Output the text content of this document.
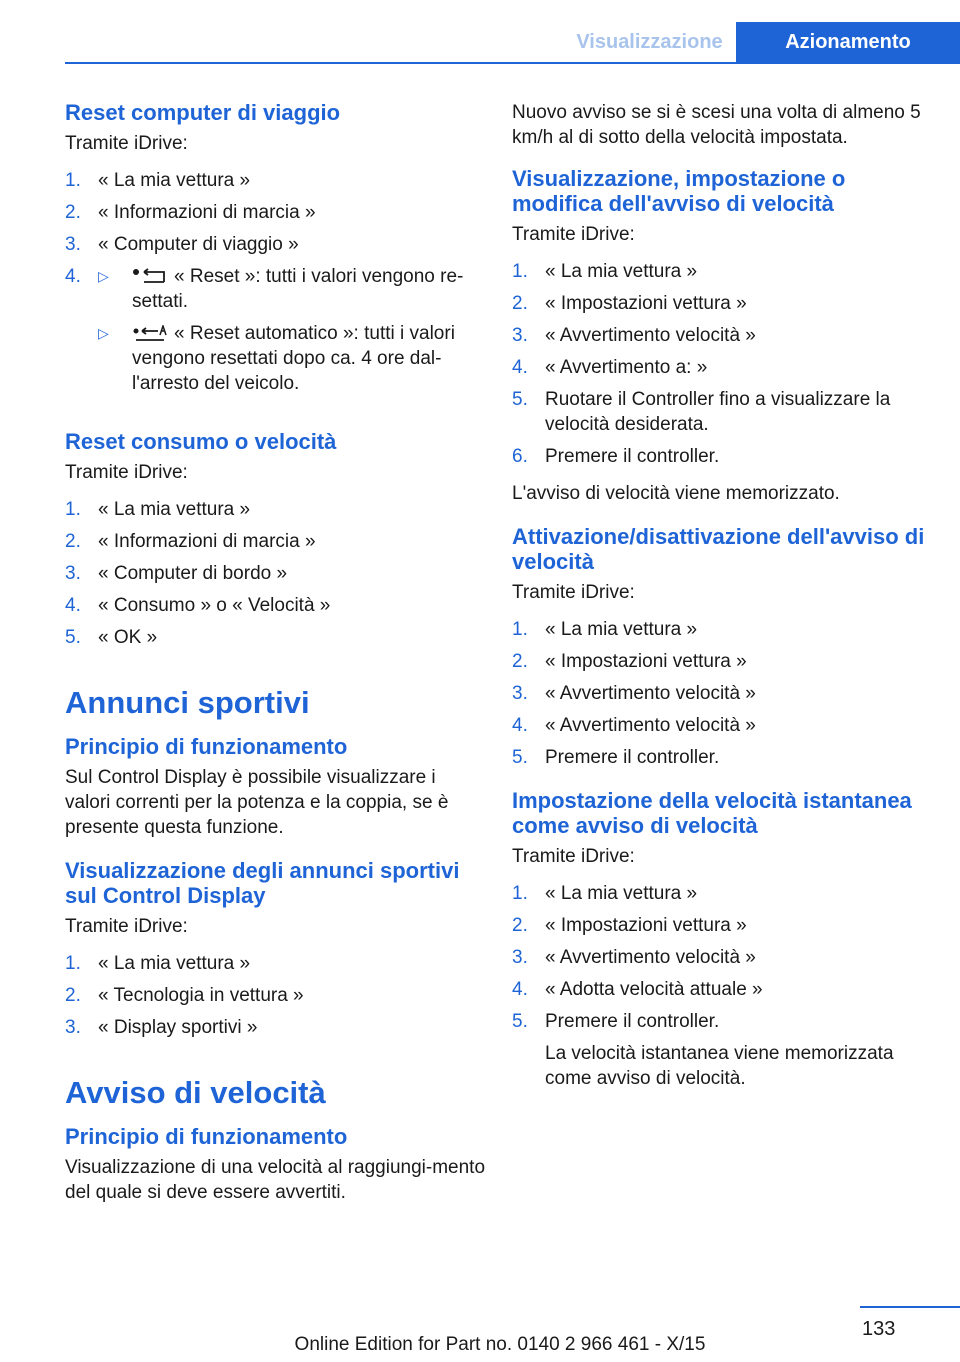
Visualizzazione	Azionamento
Reset computer di viaggio

Tramite iDrive:

1. « La mia vettura »
2. « Informazioni di marcia »
3. « Computer di viaggio »
4.	▷	« Reset »: tutti i valori vengono re-settati.
▷	« Reset automatico »: tutti i valori vengono resettati dopo ca. 4 ore dal-l'arresto del veicolo.
Reset consumo o velocità

Tramite iDrive:

1. « La mia vettura »
2. « Informazioni di marcia »
3. « Computer di bordo »
4. « Consumo » o « Velocità »
5. « OK »
Annunci sportivi
Principio di funzionamento

Sul Control Display è possibile visualizzare i valori correnti per la potenza e la coppia, se è presente questa funzione.

Visualizzazione degli annunci sportivi sul Control Display

Tramite iDrive:

1. « La mia vettura »
2. « Tecnologia in vettura »
3. « Display sportivi »
Avviso di velocità
Principio di funzionamento

Visualizzazione di una velocità al raggiungi-mento del quale si deve essere avvertiti.

Nuovo avviso se si è scesi una volta di almeno 5 km/h al di sotto della velocità impostata.

Visualizzazione, impostazione o modifica dell'avviso di velocità

Tramite iDrive:

1. « La mia vettura »
2. « Impostazioni vettura »
3. « Avvertimento velocità »
4. « Avvertimento a: »
5. Ruotare il Controller fino a visualizzare la velocità desiderata.
6. Premere il controller.

L'avviso di velocità viene memorizzato.

Attivazione/disattivazione dell'avviso di velocità

Tramite iDrive:

1. « La mia vettura »
2. « Impostazioni vettura »
3. « Avvertimento velocità »
4. « Avvertimento velocità »
5. Premere il controller.
Impostazione della velocità istantanea come avviso di velocità

Tramite iDrive:

1. « La mia vettura »
2. « Impostazioni vettura »
3. « Avvertimento velocità »
4. « Adotta velocità attuale »
5. Premere il controller.
La velocità istantanea viene memorizzata come avviso di velocità.
133
Online Edition for Part no. 0140 2 966 461 - X/15
